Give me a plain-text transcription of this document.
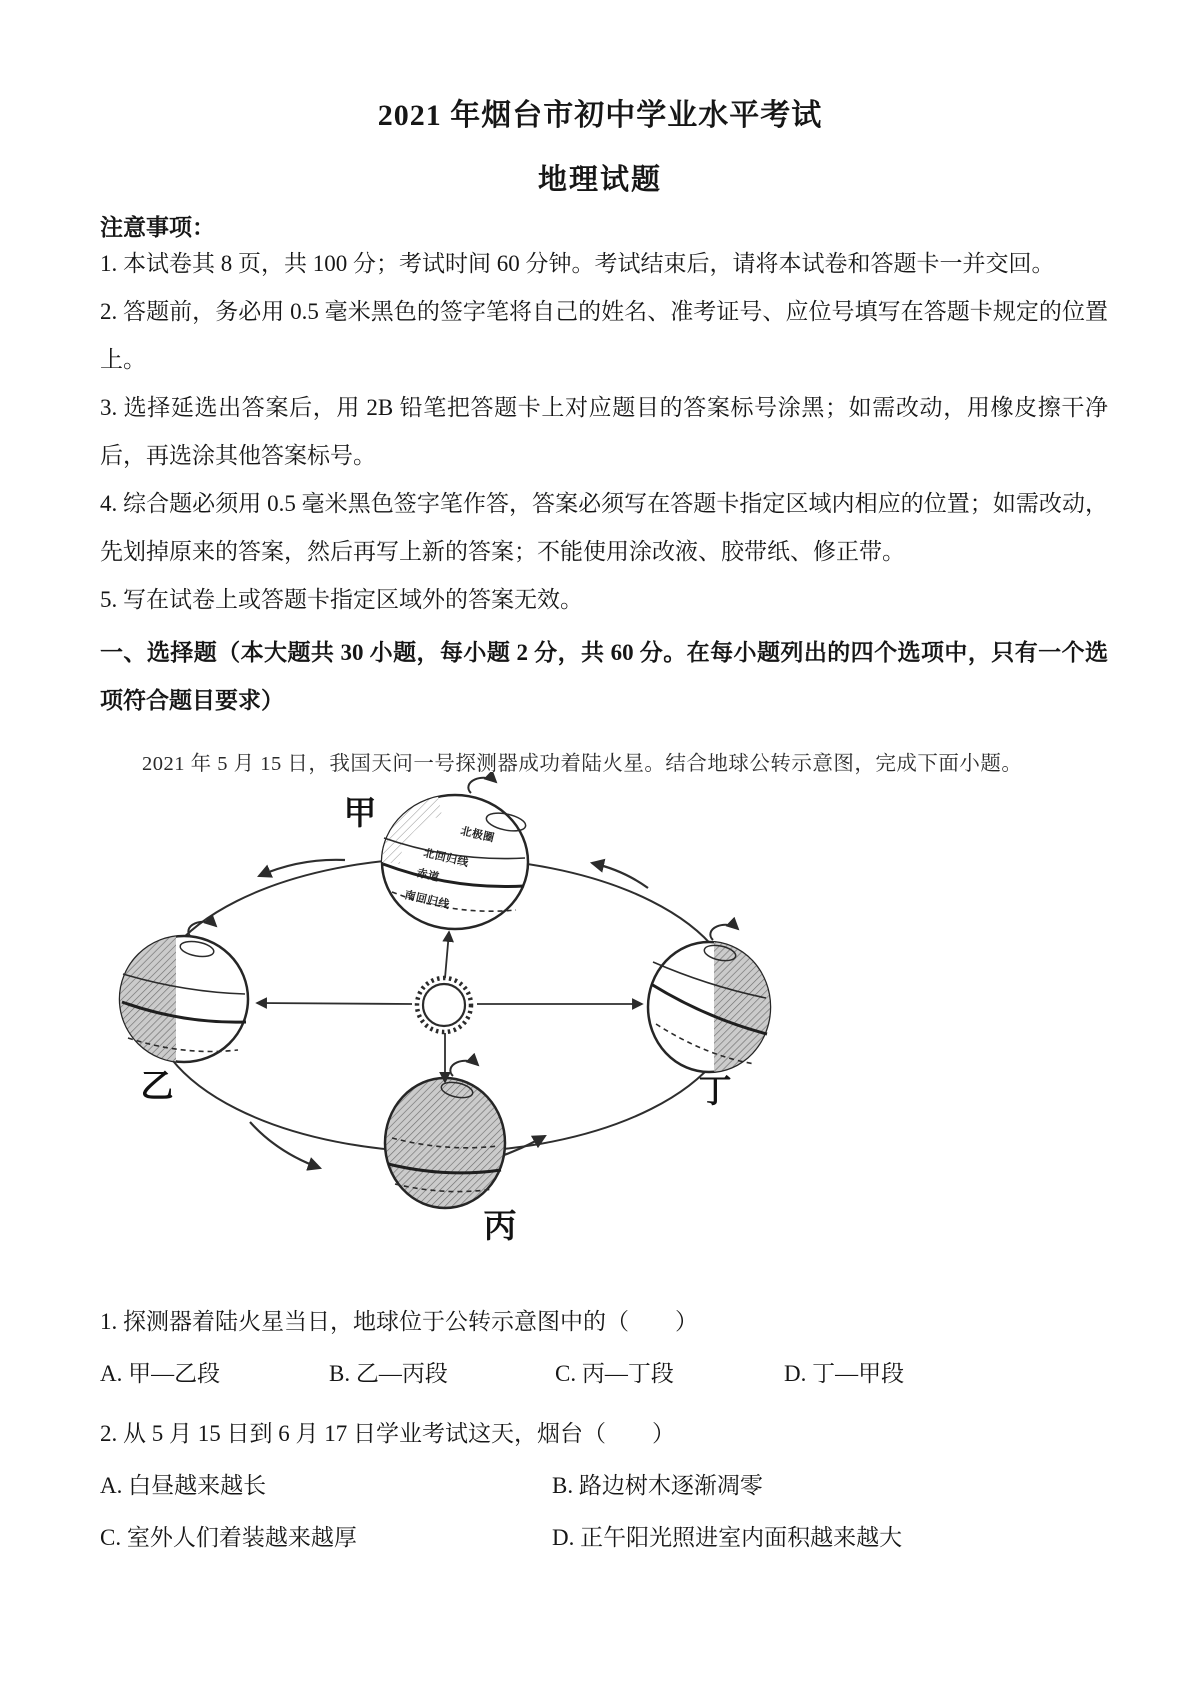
2021 年烟台市初中学业水平考试
地理试题
注意事项：

1. 本试卷其 8 页，共 100 分；考试时间 60 分钟。考试结束后，请将本试卷和答题卡一并交回。

2. 答题前，务必用 0.5 毫米黑色的签字笔将自己的姓名、准考证号、应位号填写在答题卡规定的位置上。

3. 选择延选出答案后，用 2B 铅笔把答题卡上对应题目的答案标号涂黑；如需改动，用橡皮擦干净后，再选涂其他答案标号。

4. 综合题必须用 0.5 毫米黑色签字笔作答，答案必须写在答题卡指定区域内相应的位置；如需改动，先划掉原来的答案，然后再写上新的答案；不能使用涂改液、胶带纸、修正带。

5. 写在试卷上或答题卡指定区域外的答案无效。

一、选择题（本大题共 30 小题，每小题 2 分，共 60 分。在每小题列出的四个选项中，只有一个选项符合题目要求）
2021 年 5 月 15 日，我国天问一号探测器成功着陆火星。结合地球公转示意图，完成下面小题。
北极圈
北回归线
赤道
南回归线
甲
乙
丙
丁
1. 探测器着陆火星当日，地球位于公转示意图中的（　　）
A. 甲—乙段	B. 乙—丙段	C. 丙—丁段	D. 丁—甲段
2. 从 5 月 15 日到 6 月 17 日学业考试这天，烟台（　　）
A. 白昼越来越长	B. 路边树木逐渐凋零
C. 室外人们着装越来越厚	D. 正午阳光照进室内面积越来越大
